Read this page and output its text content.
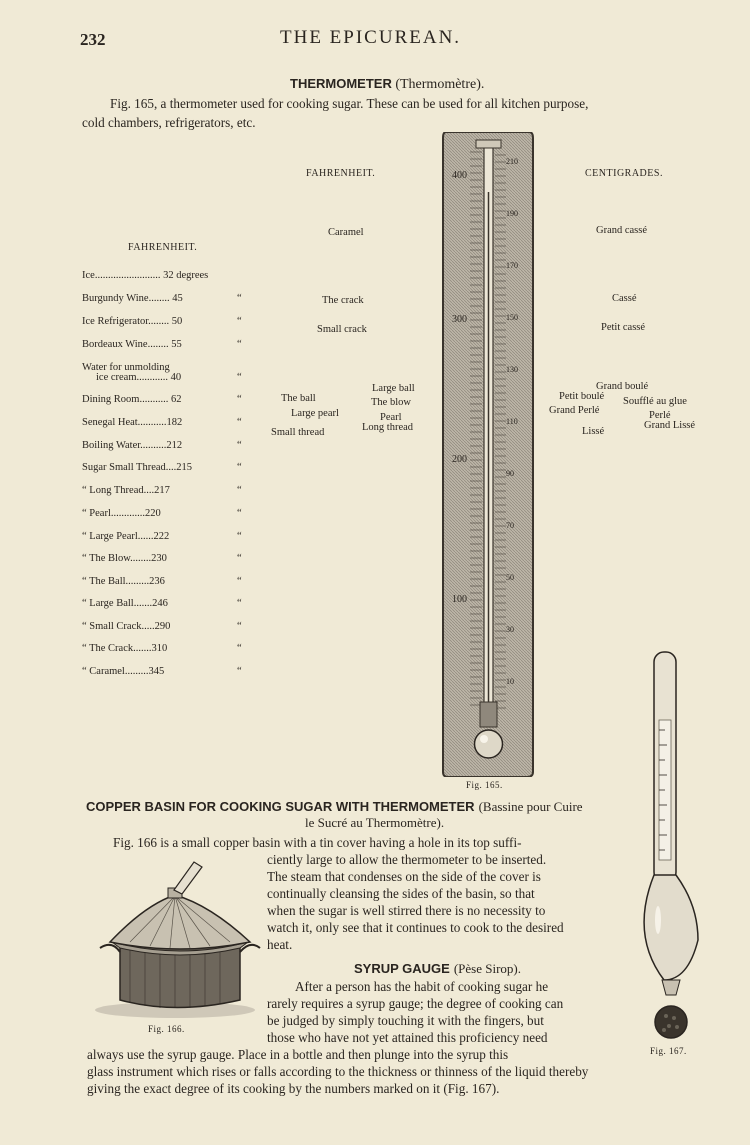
232	THE EPICUREAN.
THERMOMETER (Thermomètre).
Fig. 165, a thermometer used for cooking sugar. These can be used for all kitchen purpose,
cold chambers, refrigerators, etc.
FAHRENHEIT.
Ice......................... 32 degrees
Burgundy Wine........ 45	“
Ice Refrigerator........ 50	“
Bordeaux Wine........ 55	“
Water for unmolding
ice cream............ 40	“
Dining Room........... 62	“
Senegal Heat...........182	“
Boiling Water..........212	“
Sugar Small Thread....215	“
“ Long Thread....217	“
“ Pearl.............220	“
“ Large Pearl......222	“
“ The Blow........230	“
“ The Ball.........236	“
“ Large Ball.......246	“
“ Small Crack.....290	“
“ The Crack.......310	“
“ Caramel.........345	“
FAHRENHEIT.	CENTIGRADES.
Caramel
The crack
Small crack
Large ball
The ball	The blow
Large pearl	Pearl
Long thread
Small thread
Grand cassé
Cassé
Petit cassé
Grand boulé
Petit boulé Soufflé au glue
Grand Perlé	Perlé
Grand Lissé
Lissé
400
300
200
100
210
190
170
150
130
110
90
70
50
30
10
Fig. 165.
COPPER BASIN FOR COOKING SUGAR WITH THERMOMETER (Bassine pour Cuire
le Sucré au Thermomètre).
Fig. 166 is a small copper basin with a tin cover having a hole in its top suffi-
ciently large to allow the thermometer to be inserted.
The steam that condenses on the side of the cover is
continually cleansing the sides of the basin, so that
when the sugar is well stirred there is no necessity to
watch it, only see that it continues to cook to the desired
heat.
Fig. 166.
SYRUP GAUGE (Pèse Sirop).
After a person has the habit of cooking sugar he
rarely requires a syrup gauge; the degree of cooking can
be judged by simply touching it with the fingers, but
those who have not yet attained this proficiency need
always use the syrup gauge. Place in a bottle and then plunge into the syrup this
glass instrument which rises or falls according to the thickness or thinness of the liquid thereby
giving the exact degree of its cooking by the numbers marked on it (Fig. 167).
Fig. 167.
